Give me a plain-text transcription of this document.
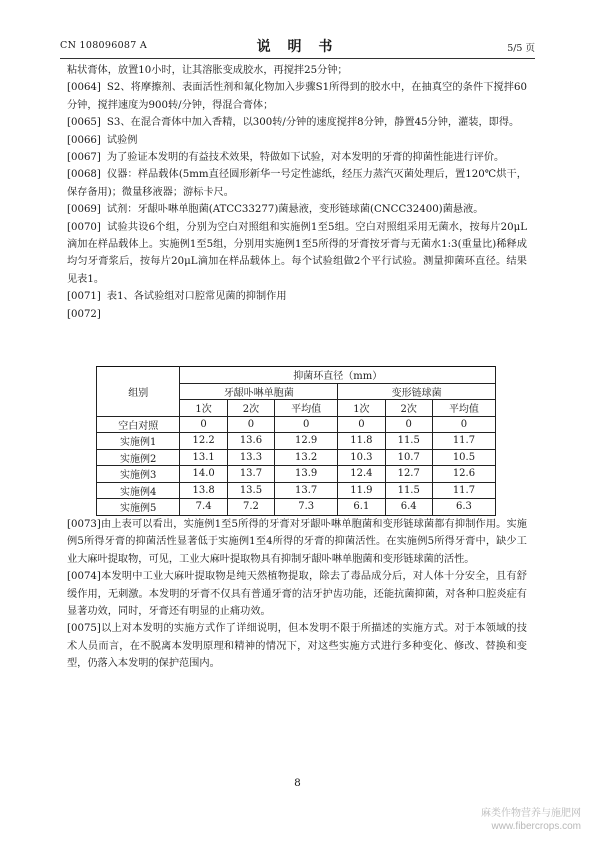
CN 108096087 A	说 明 书	5/5 页

粘状膏体，放置10小时，让其溶胀变成胶水，再搅拌25分钟；

[0064] S2、将摩擦剂、表面活性剂和氟化物加入步骤S1所得到的胶水中，在抽真空的条件下搅拌60分钟，搅拌速度为900转/分钟，得混合膏体；

[0065] S3、在混合膏体中加入香精，以300转/分钟的速度搅拌8分钟，静置45分钟，灌装，即得。

[0066] 试验例

[0067] 为了验证本发明的有益技术效果，特做如下试验，对本发明的牙膏的抑菌性能进行评价。

[0068] 仪器：样品载体(5mm直径圆形新华一号定性滤纸，经压力蒸汽灭菌处理后，置120℃烘干，保存备用)；微量移液器；游标卡尺。

[0069] 试剂：牙龈卟啉单胞菌(ATCC33277)菌悬液，变形链球菌(CNCC32400)菌悬液。

[0070] 试验共设6个组，分别为空白对照组和实施例1至5组。空白对照组采用无菌水，按每片20μL滴加在样品载体上。实施例1至5组，分别用实施例1至5所得的牙膏按牙膏与无菌水1:3(重量比)稀释成均匀牙膏浆后，按每片20μL滴加在样品载体上。每个试验组做2个平行试验。测量抑菌环直径。结果见表1。

[0071] 表1、各试验组对口腔常见菌的抑制作用

[0072]

组别	抑菌环直径（mm）					
	牙龈卟啉单胞菌			变形链球菌		
	1次	2次	平均值	1次	2次	平均值
空白对照	0	0	0	0	0	0
实施例1	12.2	13.6	12.9	11.8	11.5	11.7
实施例2	13.1	13.3	13.2	10.3	10.7	10.5
实施例3	14.0	13.7	13.9	12.4	12.7	12.6
实施例4	13.8	13.5	13.7	11.9	11.5	11.7
实施例5	7.4	7.2	7.3	6.1	6.4	6.3

[0073]由上表可以看出，实施例1至5所得的牙膏对牙龈卟啉单胞菌和变形链球菌都有抑制作用。实施例5所得牙膏的抑菌活性显著低于实施例1至4所得的牙膏的抑菌活性。在实施例5所得牙膏中，缺少工业大麻叶提取物，可见，工业大麻叶提取物具有抑制牙龈卟啉单胞菌和变形链球菌的活性。

[0074]本发明中工业大麻叶提取物是纯天然植物提取，除去了毒品成分后，对人体十分安全，且有舒缓作用，无刺激。本发明的牙膏不仅具有普通牙膏的洁牙护齿功能，还能抗菌抑菌，对各种口腔炎症有显著功效，同时，牙膏还有明显的止痛功效。

[0075]以上对本发明的实施方式作了详细说明，但本发明不限于所描述的实施方式。对于本领域的技术人员而言，在不脱离本发明原理和精神的情况下，对这些实施方式进行多种变化、修改、替换和变型，仍落入本发明的保护范围内。

8
麻类作物营养与施肥网
www.fibercrops.com
